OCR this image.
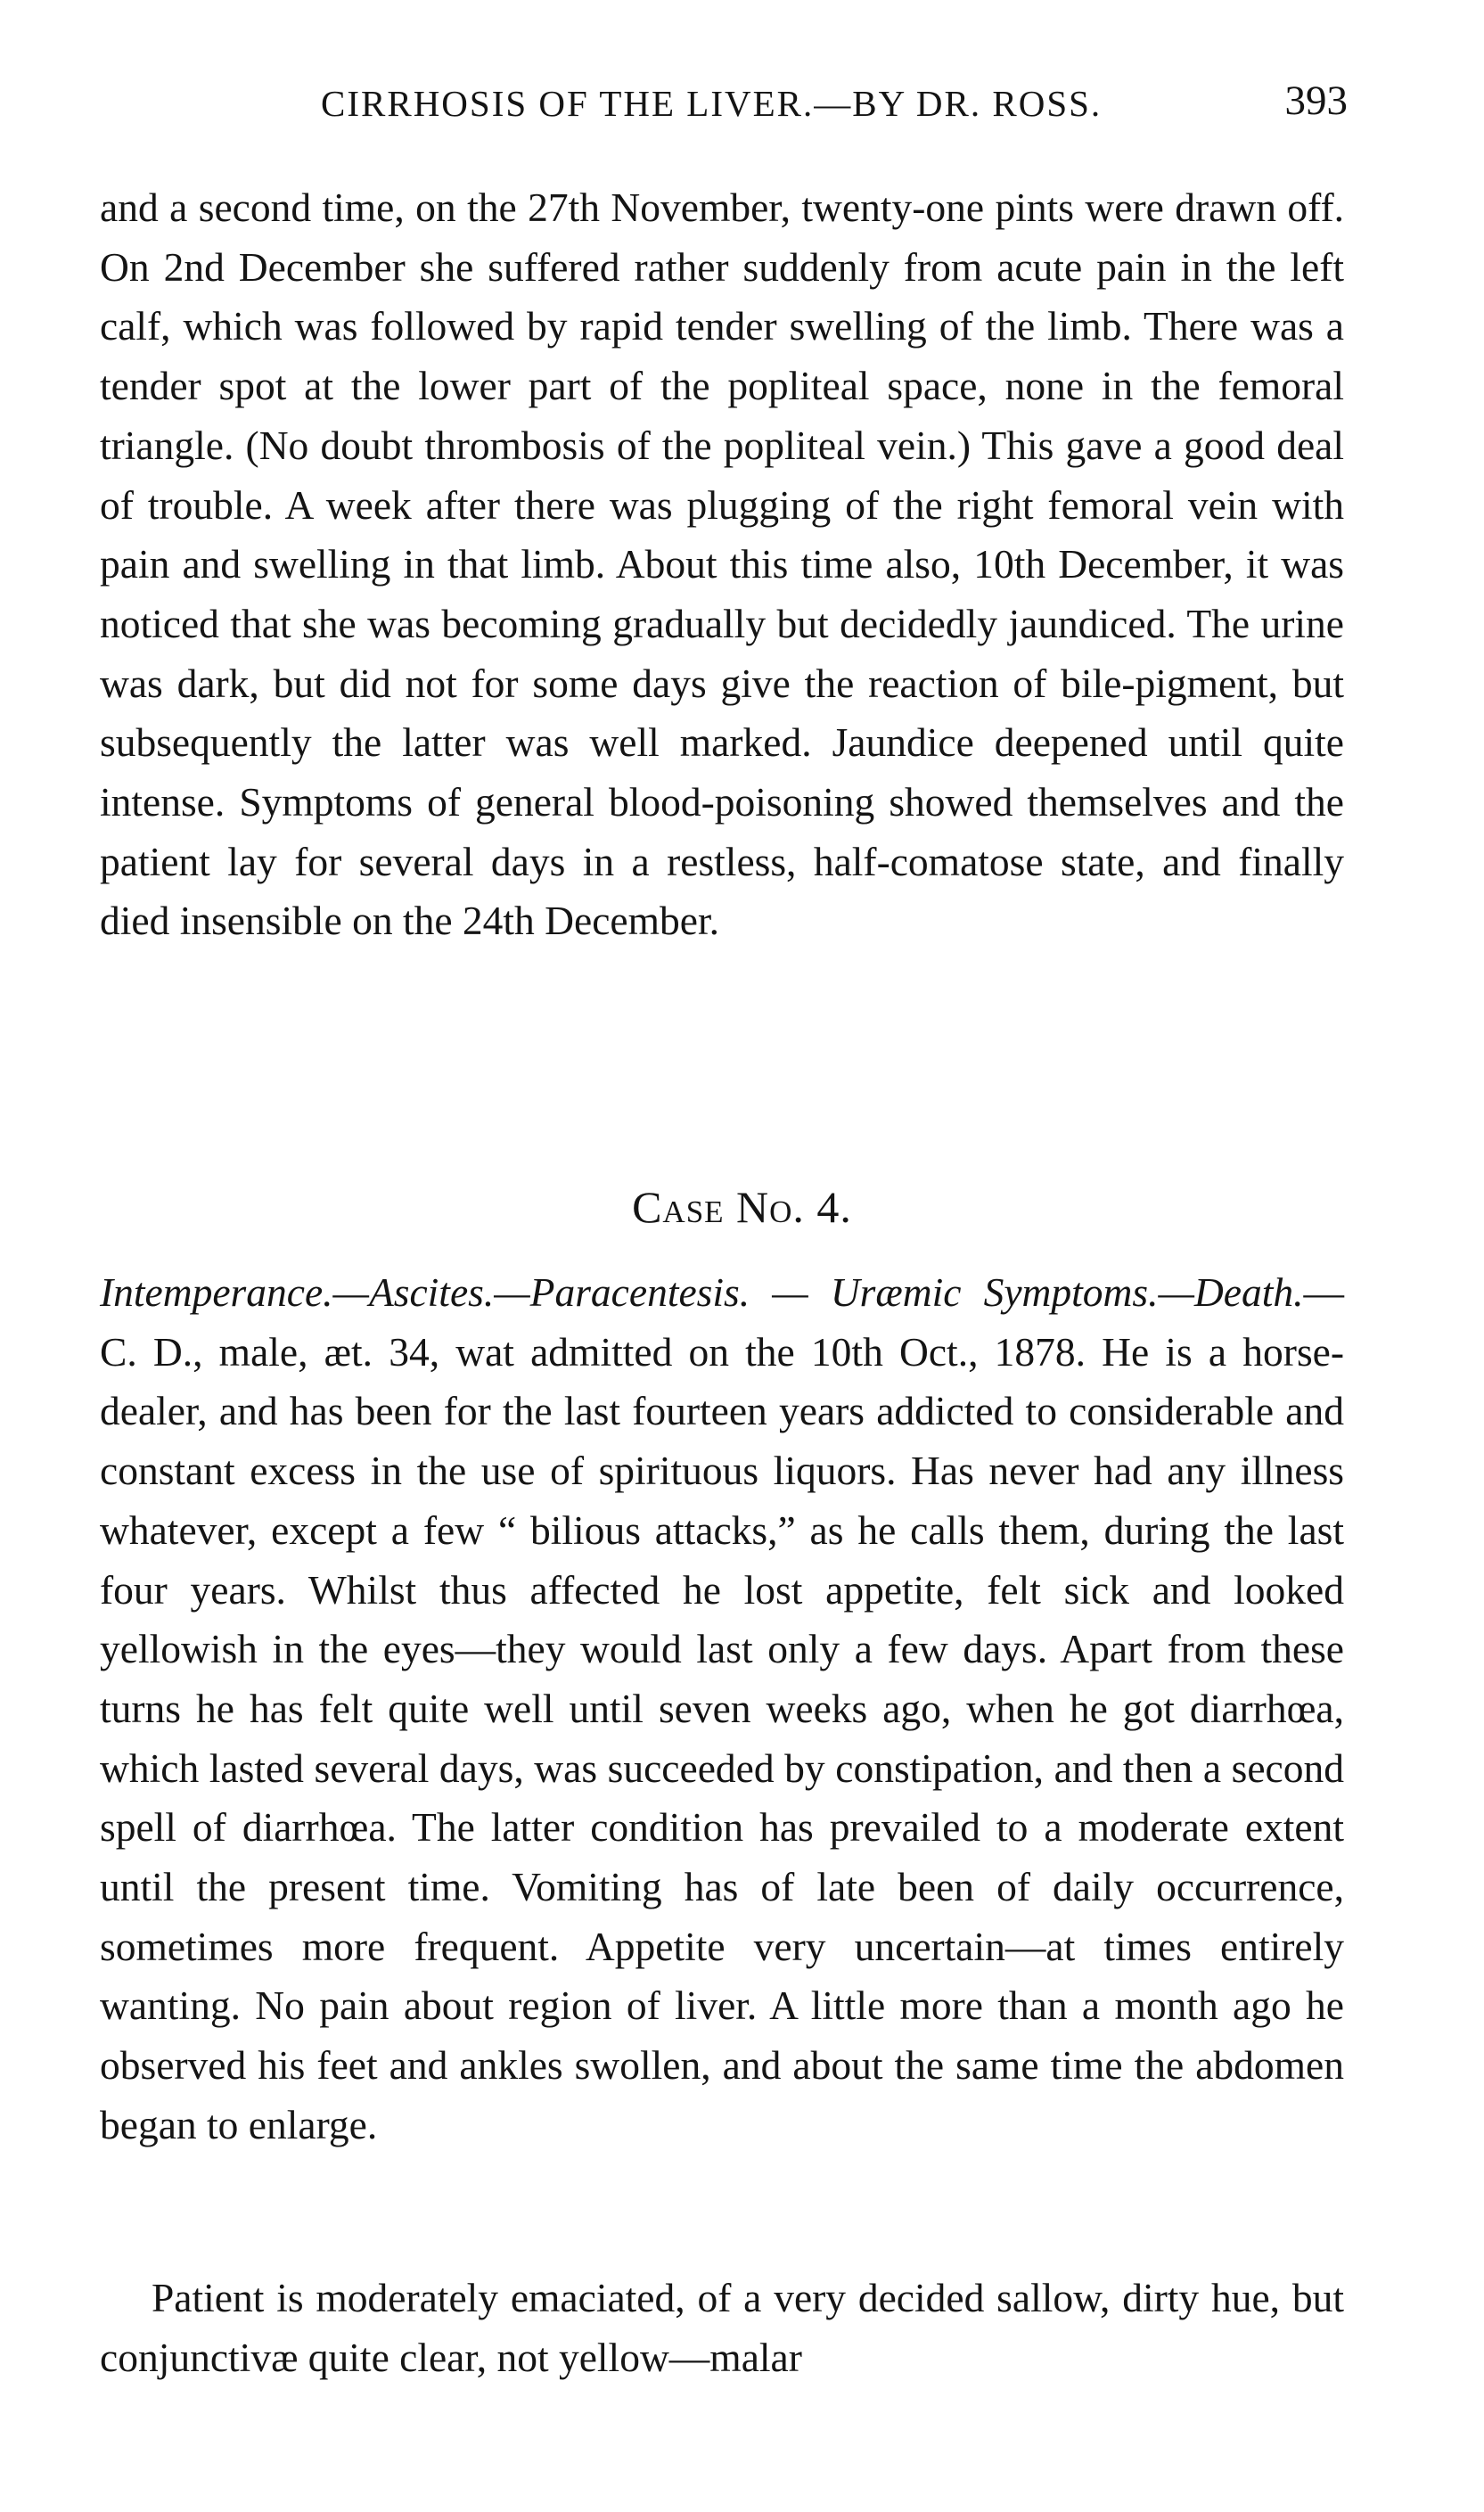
CIRRHOSIS OF THE LIVER.—BY DR. ROSS.	393

and a second time, on the 27th November, twenty-one pints were drawn off. On 2nd December she suffered rather suddenly from acute pain in the left calf, which was followed by rapid tender swelling of the limb. There was a tender spot at the lower part of the popliteal space, none in the femoral triangle. (No doubt thrombosis of the popliteal vein.) This gave a good deal of trouble. A week after there was plugging of the right femoral vein with pain and swelling in that limb. About this time also, 10th December, it was noticed that she was becoming gradually but decidedly jaundiced. The urine was dark, but did not for some days give the reaction of bile-pigment, but subsequently the latter was well marked. Jaundice deepened until quite intense. Symptoms of general blood-poisoning showed themselves and the patient lay for several days in a restless, half-comatose state, and finally died insensible on the 24th December.

Case No. 4.

Intemperance.—Ascites.—Paracentesis. — Uræmic Symptoms.—Death.—C. D., male, æt. 34, wat admitted on the 10th Oct., 1878. He is a horse-dealer, and has been for the last fourteen years addicted to considerable and constant excess in the use of spirituous liquors. Has never had any illness whatever, except a few “ bilious attacks,” as he calls them, during the last four years. Whilst thus affected he lost appetite, felt sick and looked yellowish in the eyes—they would last only a few days. Apart from these turns he has felt quite well until seven weeks ago, when he got diarrhœa, which lasted several days, was succeeded by constipation, and then a second spell of diarrhœa. The latter condition has prevailed to a moderate extent until the present time. Vomiting has of late been of daily occurrence, sometimes more frequent. Appetite very uncertain—at times entirely wanting. No pain about region of liver. A little more than a month ago he observed his feet and ankles swollen, and about the same time the abdomen began to enlarge.

Patient is moderately emaciated, of a very decided sallow, dirty hue, but conjunctivæ quite clear, not yellow—malar
